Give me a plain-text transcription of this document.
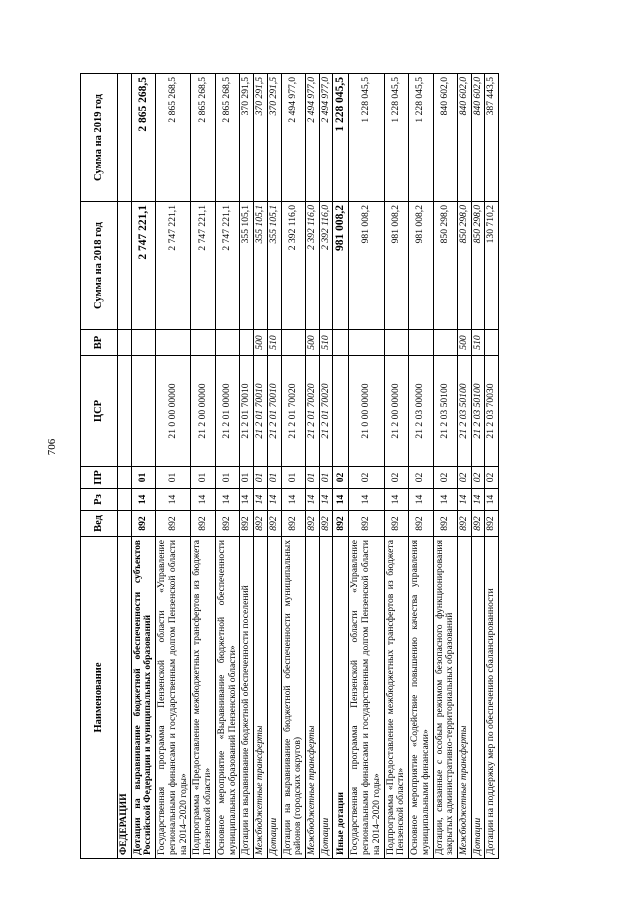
706
Наименование	Вед	Рз	ПР	ЦСР	ВР	Сумма на 2018 год	Сумма на 2019 год
ФЕДЕРАЦИИ							
Дотации на выравнивание бюджетной обеспеченности субъектов Российской Федерации и муниципальных образований	892	14	01			2 747 221,1	2 865 268,5
Государственная программа Пензенской области «Управление региональными финансами и государственным долгом Пензенской области на 2014–2020 годы»	892	14	01	21 0 00 00000		2 747 221,1	2 865 268,5
Подпрограмма «Предоставление межбюджетных трансфертов из бюджета Пензенской области»	892	14	01	21 2 00 00000		2 747 221,1	2 865 268,5
Основное мероприятие «Выравнивание бюджетной обеспеченности муниципальных образований Пензенской области»	892	14	01	21 2 01 00000		2 747 221,1	2 865 268,5
Дотации на выравнивание бюджетной обеспеченности поселений	892	14	01	21 2 01 70010		355 105,1	370 291,5
Межбюджетные трансферты	892	14	01	21 2 01 70010	500	355 105,1	370 291,5
Дотации	892	14	01	21 2 01 70010	510	355 105,1	370 291,5
Дотации на выравнивание бюджетной обеспеченности муниципальных районов (городских округов)	892	14	01	21 2 01 70020		2 392 116,0	2 494 977,0
Межбюджетные трансферты	892	14	01	21 2 01 70020	500	2 392 116,0	2 494 977,0
Дотации	892	14	01	21 2 01 70020	510	2 392 116,0	2 494 977,0
Иные дотации	892	14	02			981 008,2	1 228 045,5
Государственная программа Пензенской области «Управление региональными финансами и государственным долгом Пензенской области на 2014–2020 годы»	892	14	02	21 0 00 00000		981 008,2	1 228 045,5
Подпрограмма «Предоставление межбюджетных трансфертов из бюджета Пензенской области»	892	14	02	21 2 00 00000		981 008,2	1 228 045,5
Основное мероприятие «Содействие повышению качества управления муниципальными финансами»	892	14	02	21 2 03 00000		981 008,2	1 228 045,5
Дотации, связанные с особым режимом безопасного функционирования закрытых административно-территориальных образований	892	14	02	21 2 03 50100		850 298,0	840 602,0
Межбюджетные трансферты	892	14	02	21 2 03 50100	500	850 298,0	840 602,0
Дотации	892	14	02	21 2 03 50100	510	850 298,0	840 602,0
Дотации на поддержку мер по обеспечению сбалансированности	892	14	02	21 2 03 70030		130 710,2	387 443,5
